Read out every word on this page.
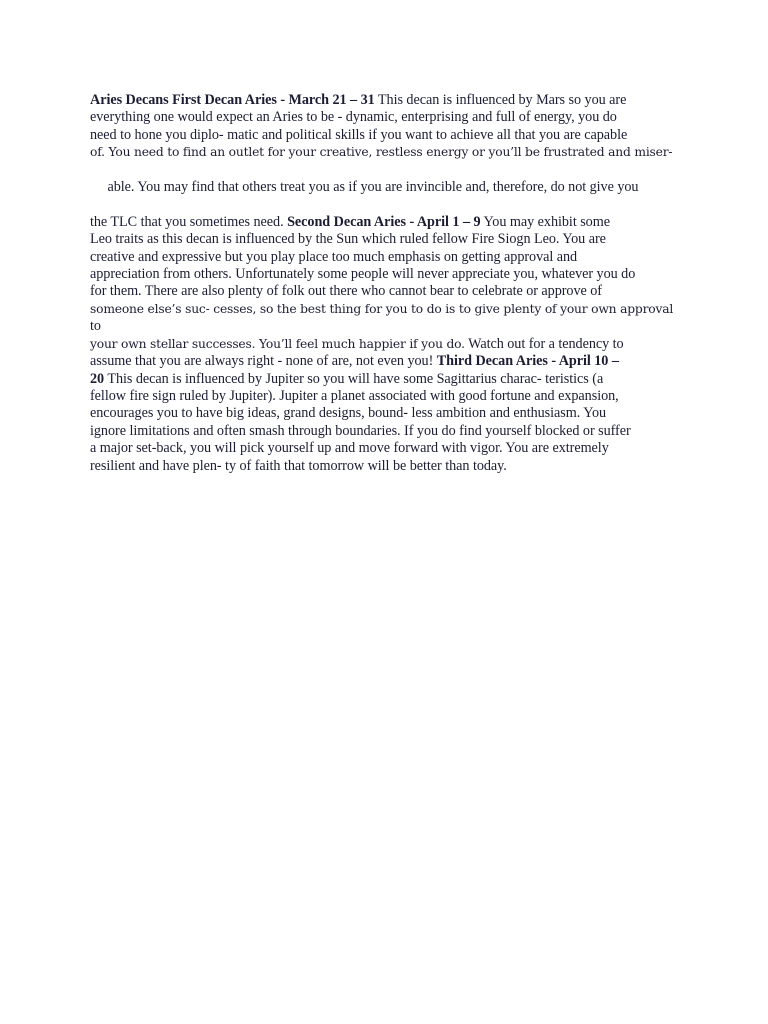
Aries Decans First Decan Aries - March 21 – 31 This decan is influenced by Mars so you are
everything one would expect an Aries to be - dynamic, enterprising and full of energy, you do
need to hone you diplo- matic and political skills if you want to achieve all that you are capable
of. You need to find an outlet for your creative, restless energy or you’ll be frustrated and miser-

able. You may find that others treat you as if you are invincible and, therefore, do not give you

the TLC that you sometimes need. Second Decan Aries - April 1 – 9 You may exhibit some
Leo traits as this decan is influenced by the Sun which ruled fellow Fire Siogn Leo. You are
creative and expressive but you play place too much emphasis on getting approval and
appreciation from others. Unfortunately some people will never appreciate you, whatever you do
for them. There are also plenty of folk out there who cannot bear to celebrate or approve of
someone else’s suc- cesses, so the best thing for you to do is to give plenty of your own approval
to
your own stellar successes. You’ll feel much happier if you do. Watch out for a tendency to
assume that you are always right - none of are, not even you! Third Decan Aries - April 10 –
20 This decan is influenced by Jupiter so you will have some Sagittarius charac- teristics (a
fellow fire sign ruled by Jupiter). Jupiter a planet associated with good fortune and expansion,
encourages you to have big ideas, grand designs, bound- less ambition and enthusiasm. You
ignore limitations and often smash through boundaries. If you do find yourself blocked or suffer
a major set-back, you will pick yourself up and move forward with vigor. You are extremely
resilient and have plen- ty of faith that tomorrow will be better than today.
